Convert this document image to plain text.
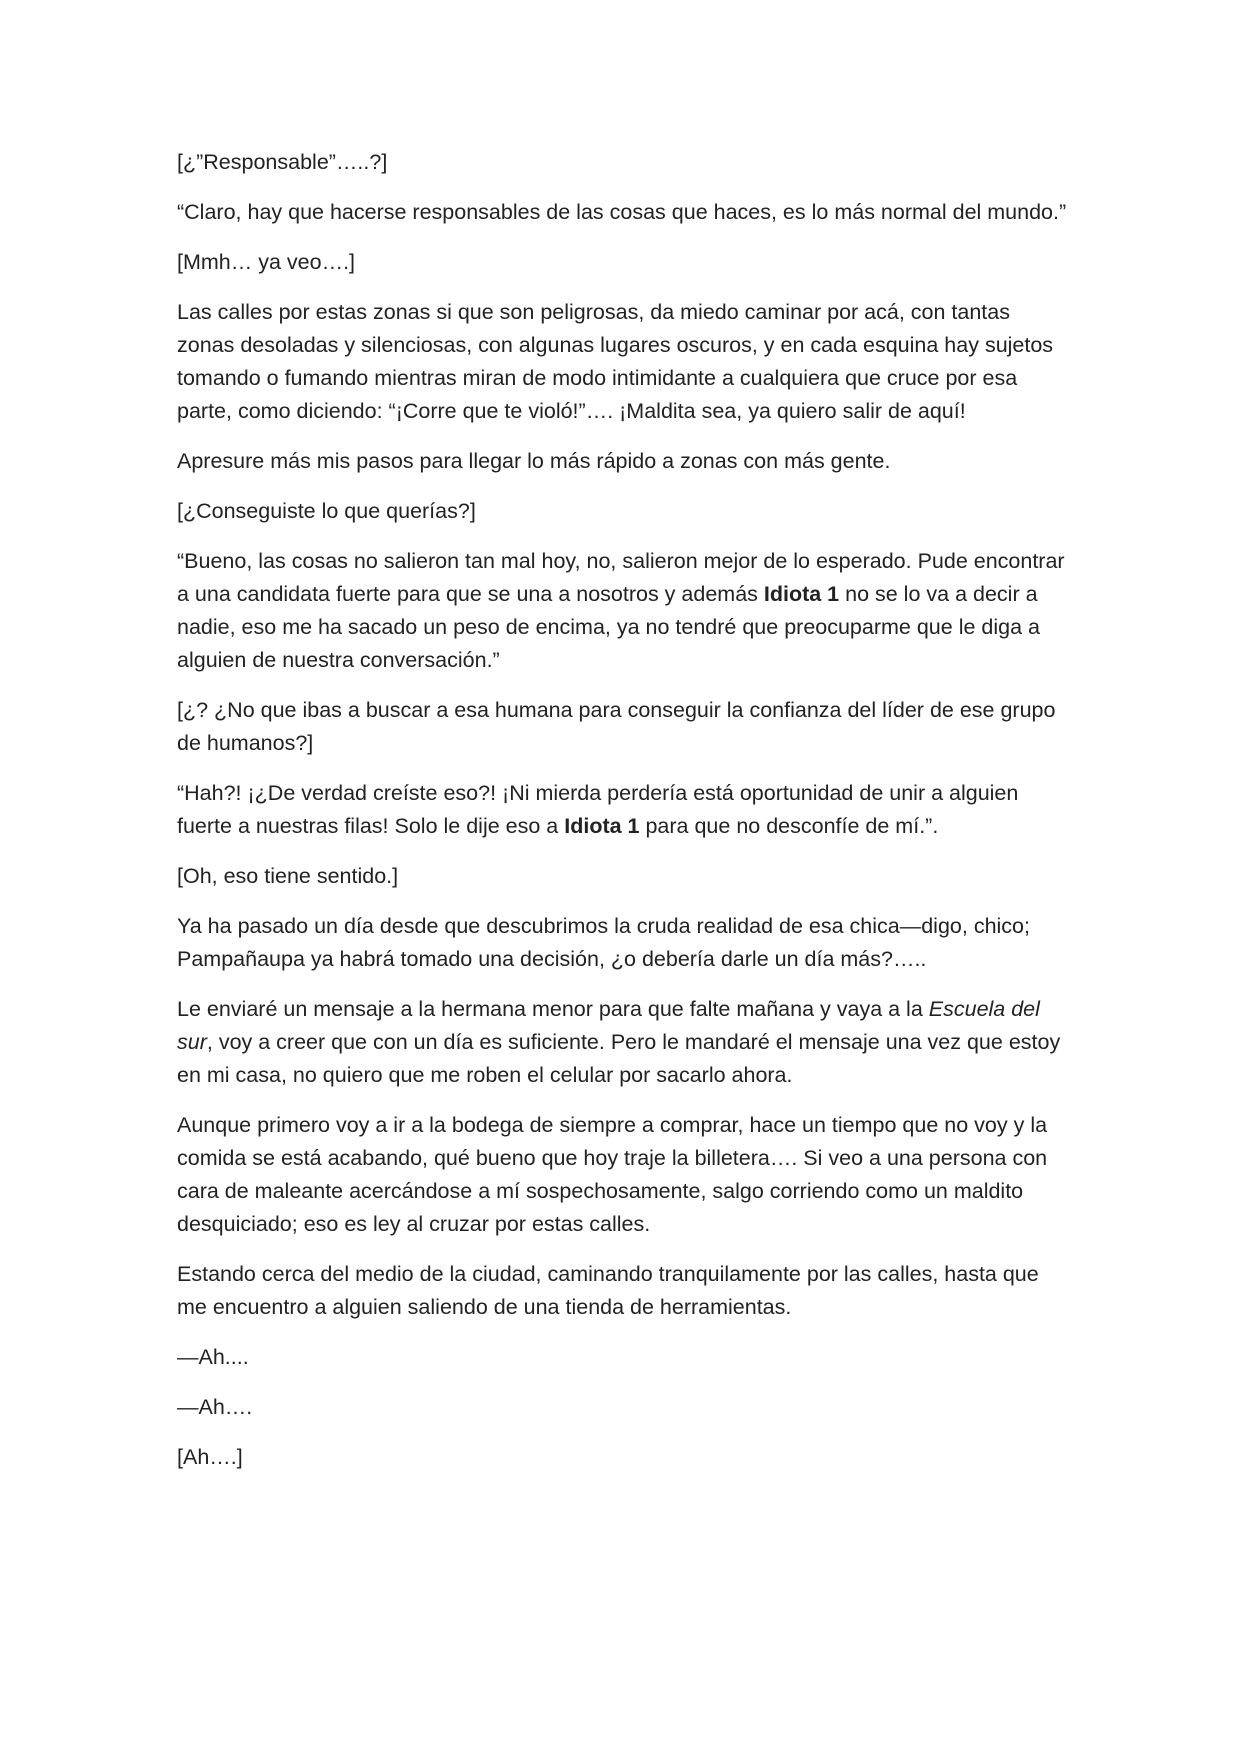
[¿”Responsable”…..?]

“Claro, hay que hacerse responsables de las cosas que haces, es lo más normal del mundo.”

[Mmh… ya veo….]

Las calles por estas zonas si que son peligrosas, da miedo caminar por acá, con tantas zonas desoladas y silenciosas, con algunas lugares oscuros, y en cada esquina hay sujetos tomando o fumando mientras miran de modo intimidante a cualquiera que cruce por esa parte, como diciendo: “¡Corre que te violó!”…. ¡Maldita sea, ya quiero salir de aquí!

Apresure más mis pasos para llegar lo más rápido a zonas con más gente.

[¿Conseguiste lo que querías?]

“Bueno, las cosas no salieron tan mal hoy, no, salieron mejor de lo esperado. Pude encontrar a una candidata fuerte para que se una a nosotros y además Idiota 1 no se lo va a decir a nadie, eso me ha sacado un peso de encima, ya no tendré que preocuparme que le diga a alguien de nuestra conversación.”

[¿? ¿No que ibas a buscar a esa humana para conseguir la confianza del líder de ese grupo de humanos?]

“Hah?! ¡¿De verdad creíste eso?! ¡Ni mierda perdería está oportunidad de unir a alguien fuerte a nuestras filas! Solo le dije eso a Idiota 1 para que no desconfíe de mí.”.

[Oh, eso tiene sentido.]

Ya ha pasado un día desde que descubrimos la cruda realidad de esa chica—digo, chico; Pampañaupa ya habrá tomado una decisión, ¿o debería darle un día más?…..

Le enviaré un mensaje a la hermana menor para que falte mañana y vaya a la Escuela del sur, voy a creer que con un día es suficiente. Pero le mandaré el mensaje una vez que estoy en mi casa, no quiero que me roben el celular por sacarlo ahora.

Aunque primero voy a ir a la bodega de siempre a comprar, hace un tiempo que no voy y la comida se está acabando, qué bueno que hoy traje la billetera…. Si veo a una persona con cara de maleante acercándose a mí sospechosamente, salgo corriendo como un maldito desquiciado; eso es ley al cruzar por estas calles.

Estando cerca del medio de la ciudad, caminando tranquilamente por las calles, hasta que me encuentro a alguien saliendo de una tienda de herramientas.

—Ah....

—Ah….

[Ah….]
